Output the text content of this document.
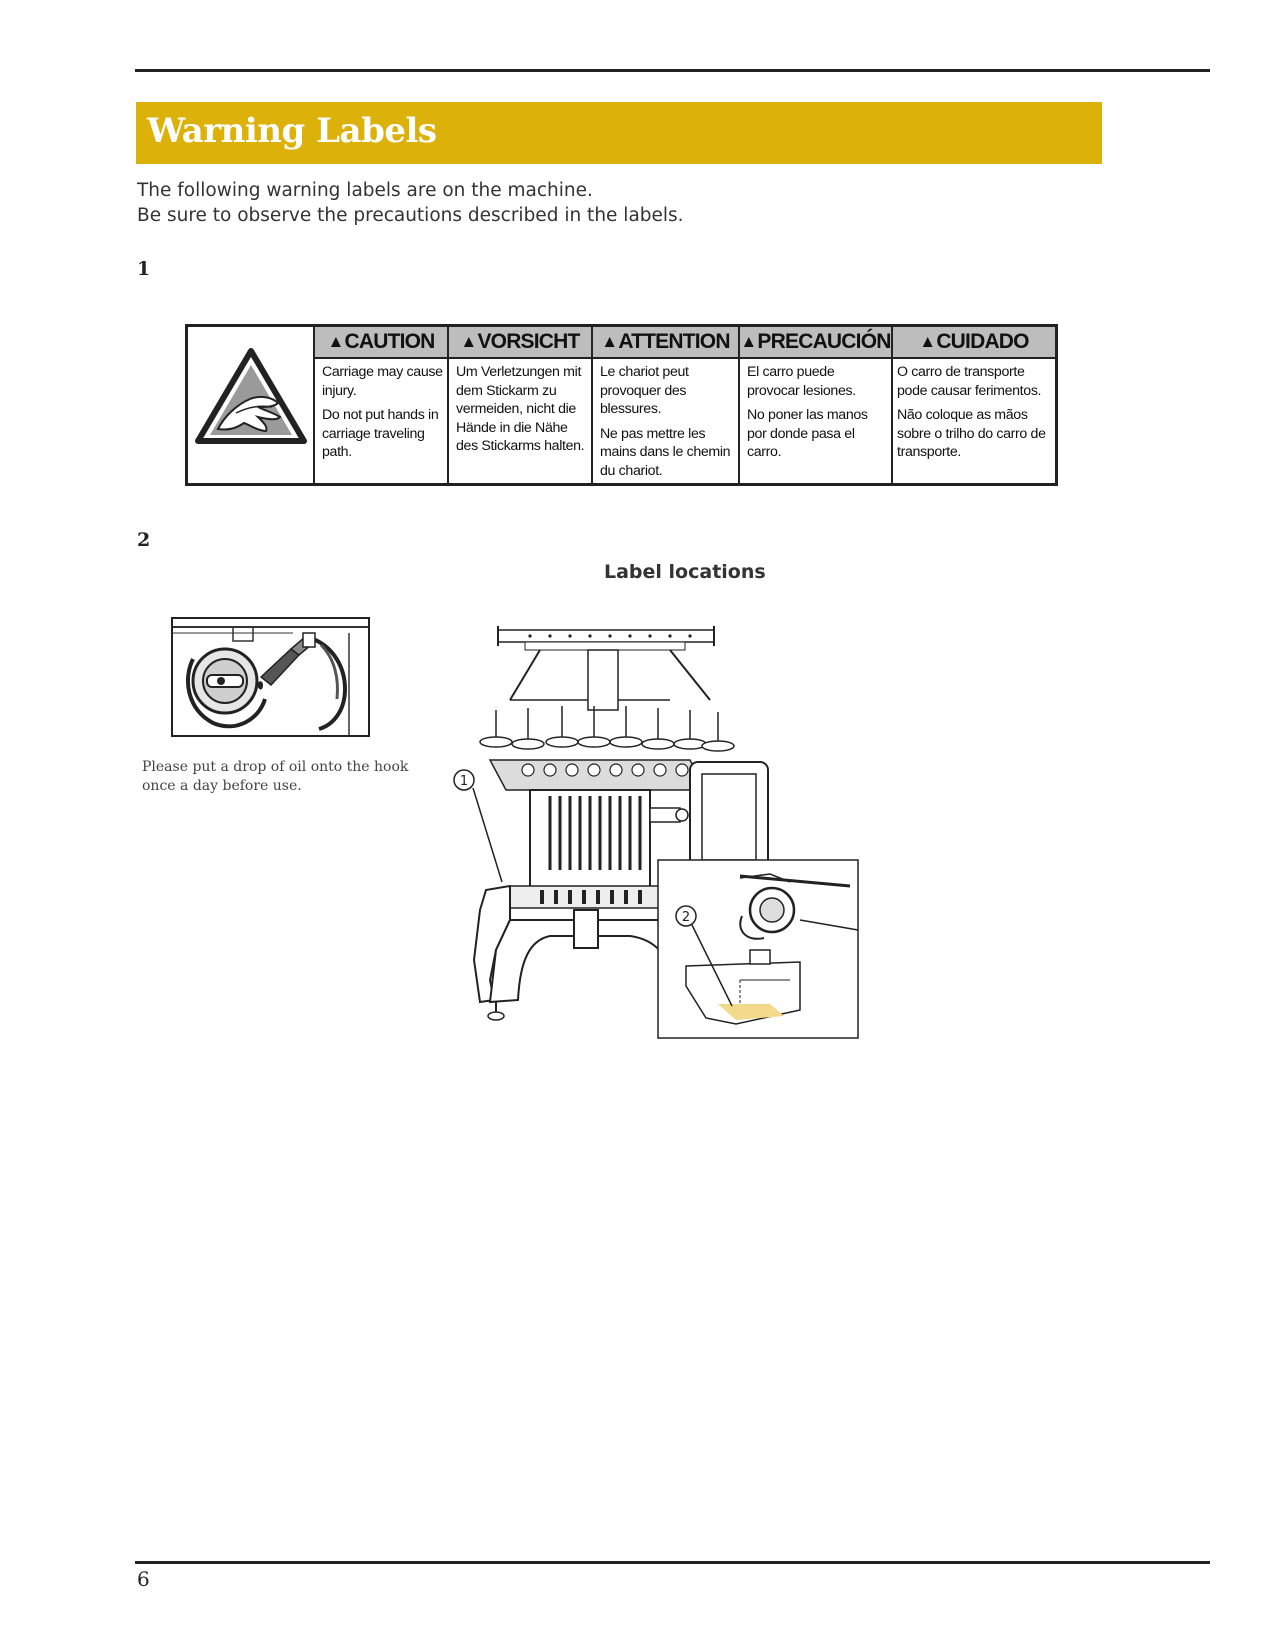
Warning Labels
The following warning labels are on the machine.
Be sure to observe the precautions described in the labels.
1
▲ CAUTION

Carriage may cause injury.

Do not put hands in carriage traveling path.

▲ VORSICHT

Um Verletzungen mit dem Stickarm zu vermeiden, nicht die Hände in die Nähe des Stickarms halten.

▲ ATTENTION

Le chariot peut provoquer des blessures.

Ne pas mettre les mains dans le chemin du chariot.

▲ PRECAUCIÓN

El carro puede provocar lesiones.

No poner las manos por donde pasa el carro.

▲ CUIDADO

O carro de transporte pode causar ferimentos.

Não coloque as mãos sobre o trilho do carro de transporte.

2
Label locations
Please put a drop of oil onto the hook
once a day before use.	1
2
6
